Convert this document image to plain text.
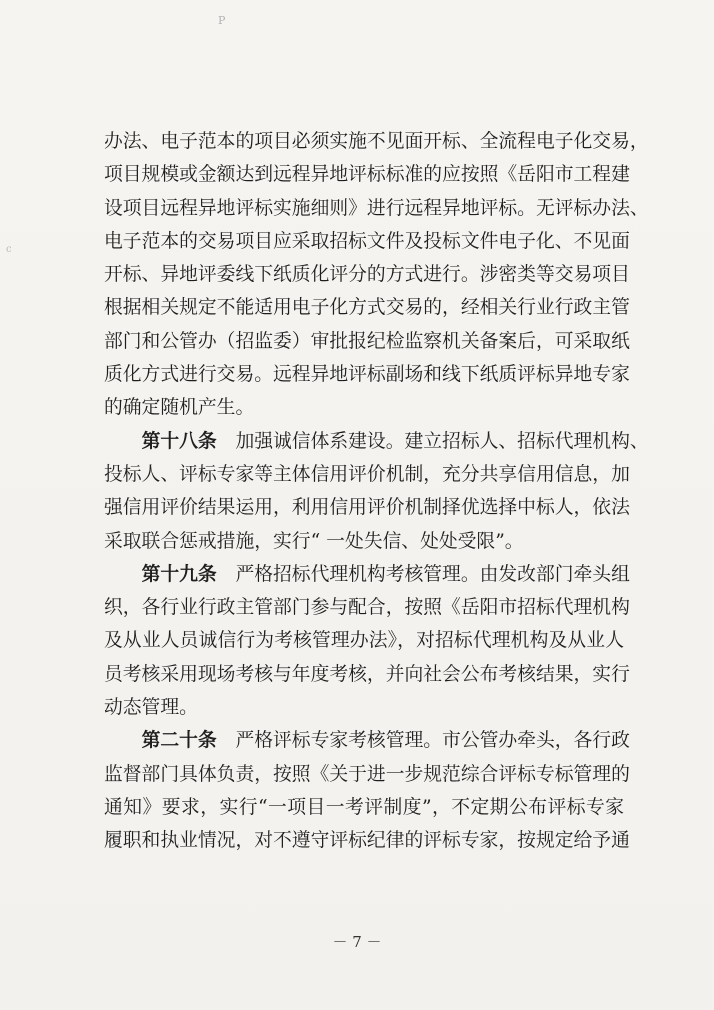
P
c
办法、电子范本的项目必须实施不见面开标、全流程电子化交易，
项目规模或金额达到远程异地评标标准的应按照《岳阳市工程建
设项目远程异地评标实施细则》进行远程异地评标。无评标办法、
电子范本的交易项目应采取招标文件及投标文件电子化、不见面
开标、异地评委线下纸质化评分的方式进行。涉密类等交易项目
根据相关规定不能适用电子化方式交易的，经相关行业行政主管
部门和公管办（招监委）审批报纪检监察机关备案后，可采取纸
质化方式进行交易。远程异地评标副场和线下纸质评标异地专家
的确定随机产生。
  第十八条  加强诚信体系建设。建立招标人、招标代理机构、
投标人、评标专家等主体信用评价机制，充分共享信用信息，加
强信用评价结果运用，利用信用评价机制择优选择中标人，依法
采取联合惩戒措施，实行“ 一处失信、处处受限”。
  第十九条  严格招标代理机构考核管理。由发改部门牵头组
织，各行业行政主管部门参与配合，按照《岳阳市招标代理机构
及从业人员诚信行为考核管理办法》，对招标代理机构及从业人
员考核采用现场考核与年度考核，并向社会公布考核结果，实行
动态管理。
  第二十条  严格评标专家考核管理。市公管办牵头，各行政
监督部门具体负责，按照《关于进一步规范综合评标专标管理的
通知》要求，实行“一项目一考评制度”，不定期公布评标专家
履职和执业情况，对不遵守评标纪律的评标专家，按规定给予通
－ 7 －
